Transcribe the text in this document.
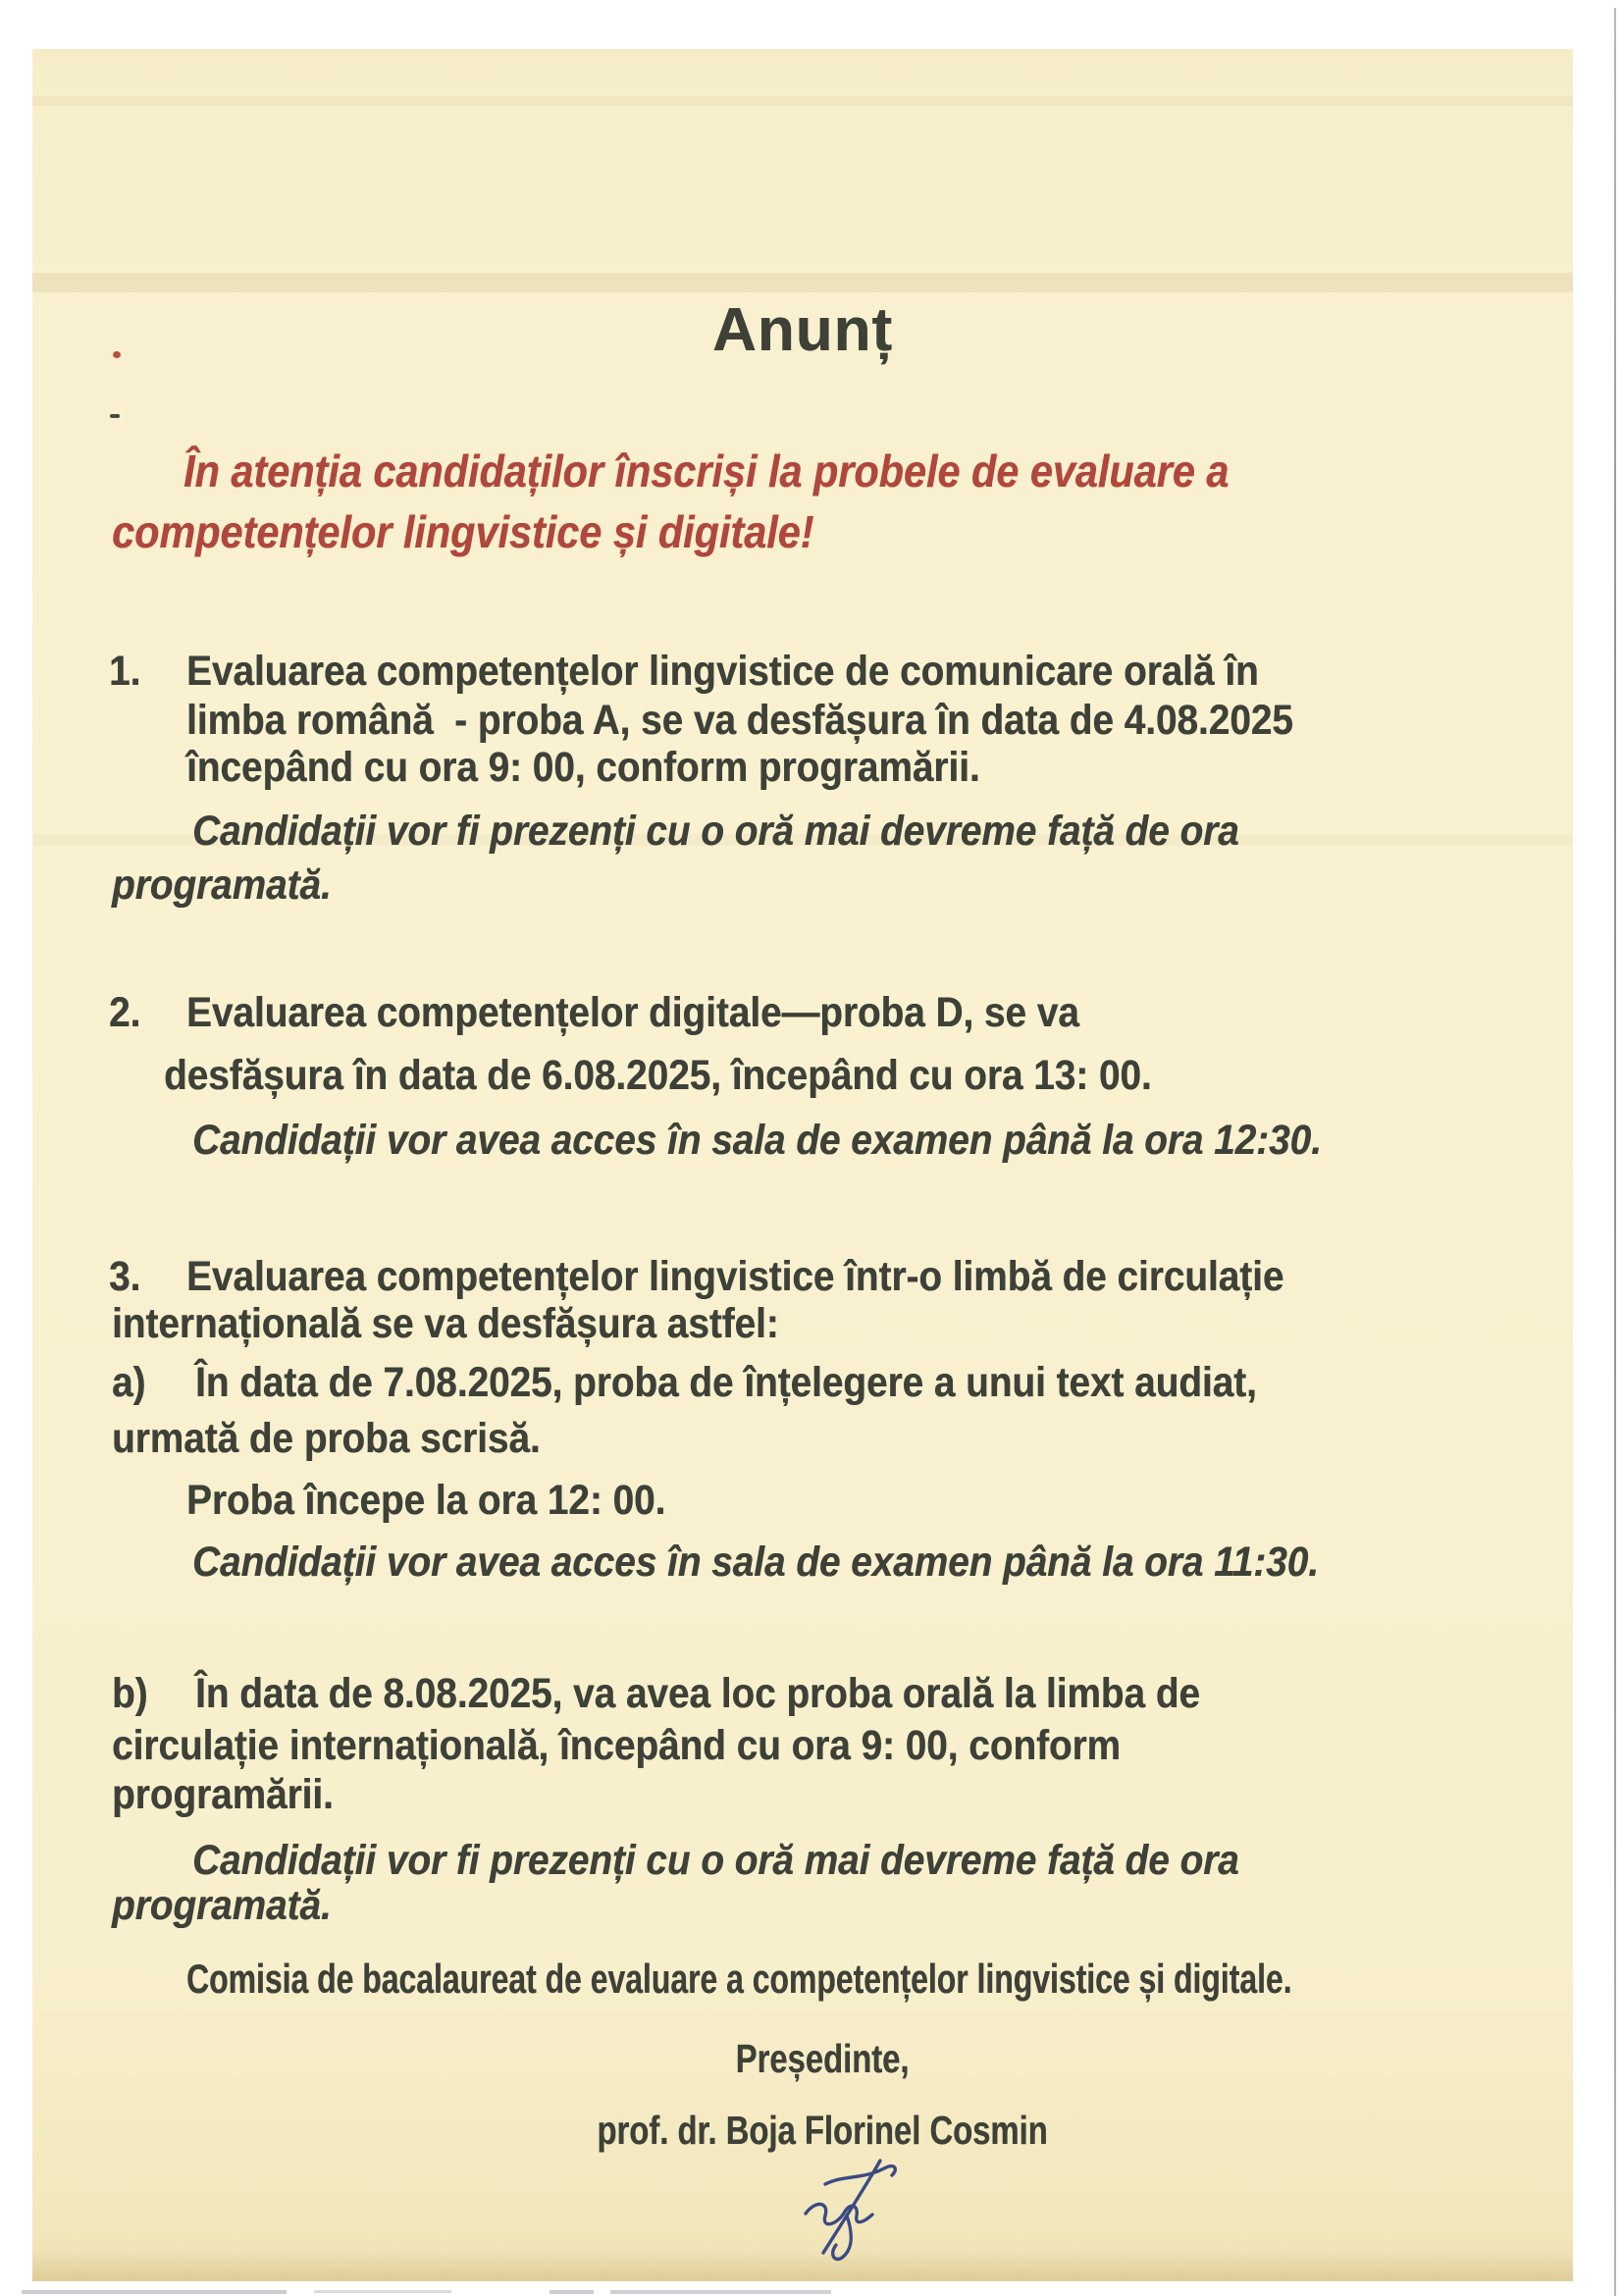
Anunț
În atenția candidaților înscriși la probele de evaluare a
competențelor lingvistice și digitale!
1. Evaluarea competențelor lingvistice de comunicare orală în
limba română  - proba A, se va desfășura în data de 4.08.2025
începând cu ora 9: 00, conform programării.
Candidații vor fi prezenți cu o oră mai devreme față de ora
programată.
2. Evaluarea competențelor digitale—proba D, se va
desfășura în data de 6.08.2025, începând cu ora 13: 00.
Candidații vor avea acces în sala de examen până la ora 12:30.
3. Evaluarea competențelor lingvistice într-o limbă de circulație
internațională se va desfășura astfel:
a) În data de 7.08.2025, proba de înțelegere a unui text audiat,
urmată de proba scrisă.
Proba începe la ora 12: 00.
Candidații vor avea acces în sala de examen până la ora 11:30.
b) În data de 8.08.2025, va avea loc proba orală la limba de
circulație internațională, începând cu ora 9: 00, conform
programării.
Candidații vor fi prezenți cu o oră mai devreme față de ora
programată.
Comisia de bacalaureat de evaluare a competențelor lingvistice și digitale.
Președinte,
prof. dr. Boja Florinel Cosmin
